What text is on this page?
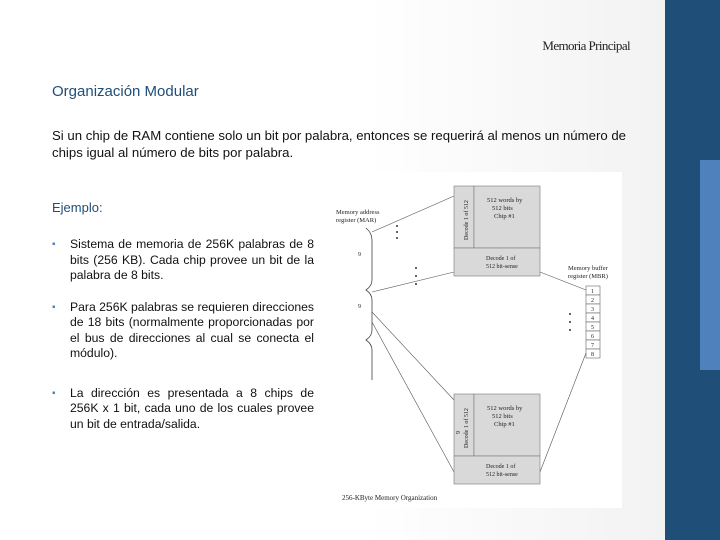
Memoria Principal
Organización Modular
Si un chip de RAM contiene solo un bit por palabra, entonces se requerirá al menos un número de chips igual al número de bits por palabra.
Ejemplo:
▪ Sistema de memoria de 256K palabras de 8 bits (256 KB). Cada chip provee un bit de la palabra de 8 bits.
▪ Para 256K palabras se requieren direcciones de 18 bits (normalmente proporcionadas por el bus de direcciones al cual se conecta el módulo).
▪ La dirección es presentada a 8 chips de 256K x 1 bit, cada uno de los cuales provee un bit de entrada/salida.
Memory address
register (MAR)
9
9
Decode 1 of 512	512 words by
512 bits
Chip #1
Decode 1 of
512 bit-sense	Memory buffer
register (MBR)
1
2
3
4
5
6
7
8
Decode 1 of 512
9
512 words by
512 bits
Chip #1
Decode 1 of
512 bit-sense
256-KByte Memory Organization
